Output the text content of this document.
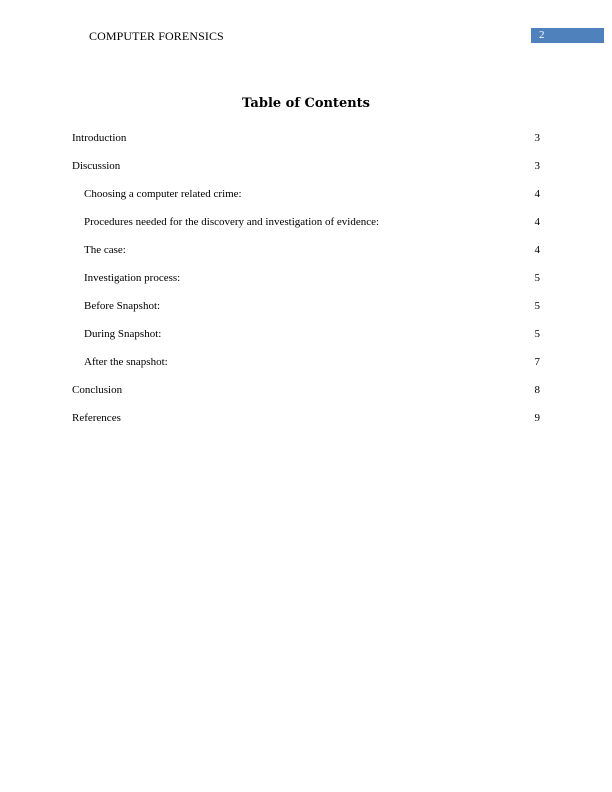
COMPUTER FORENSICS	2
Table of Contents
Introduction	3
Discussion	3
Choosing a computer related crime:	4
Procedures needed for the discovery and investigation of evidence:	4
The case:	4
Investigation process:	5
Before Snapshot:	5
During Snapshot:	5
After the snapshot:	7
Conclusion	8
References	9
